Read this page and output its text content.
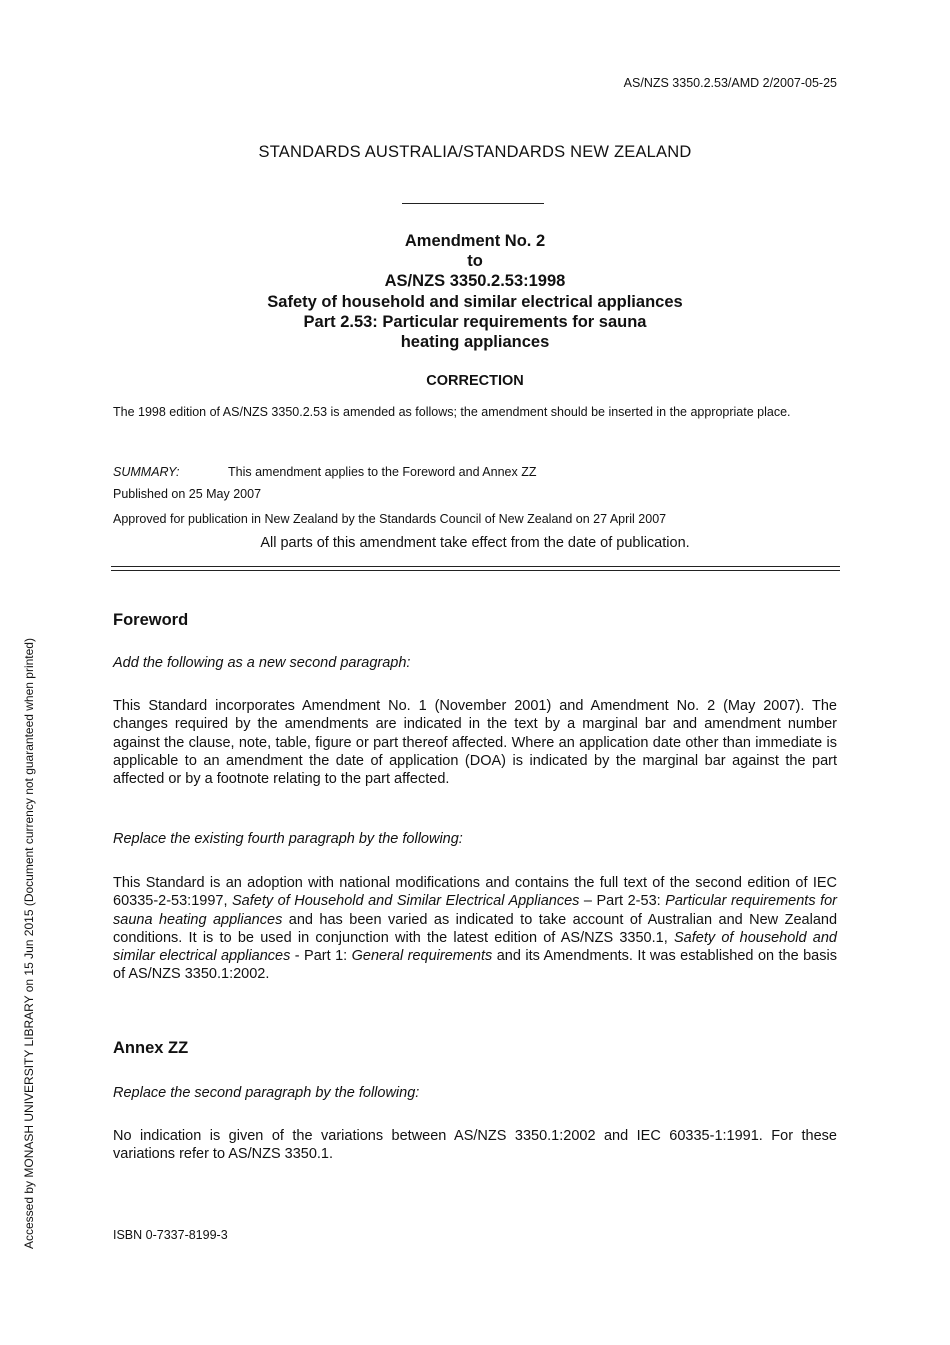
AS/NZS 3350.2.53/AMD 2/2007-05-25
STANDARDS AUSTRALIA/STANDARDS NEW ZEALAND
Amendment No. 2
to
AS/NZS 3350.2.53:1998
Safety of household and similar electrical appliances
Part 2.53: Particular requirements for sauna
heating appliances
CORRECTION
The 1998 edition of AS/NZS 3350.2.53 is amended as follows; the amendment should be inserted in the appropriate place.
SUMMARY:	This amendment applies to the Foreword and Annex ZZ
Published on 25 May 2007
Approved for publication in New Zealand by the Standards Council of New Zealand on 27 April 2007
All parts of this amendment take effect from the date of publication.
Accessed by MONASH UNIVERSITY LIBRARY on 15 Jun 2015 (Document currency not guaranteed when printed)
Foreword
Add the following as a new second paragraph:
This Standard incorporates Amendment No. 1 (November 2001) and Amendment No. 2 (May 2007). The changes required by the amendments are indicated in the text by a marginal bar and amendment number against the clause, note, table, figure or part thereof affected. Where an application date other than immediate is applicable to an amendment the date of application (DOA) is indicated by the marginal bar against the part affected or by a footnote relating to the part affected.
Replace the existing fourth paragraph by the following:
This Standard is an adoption with national modifications and contains the full text of the second edition of IEC 60335-2-53:1997, Safety of Household and Similar Electrical Appliances – Part 2-53: Particular requirements for sauna heating appliances and has been varied as indicated to take account of Australian and New Zealand conditions. It is to be used in conjunction with the latest edition of AS/NZS 3350.1, Safety of household and similar electrical appliances - Part 1: General requirements and its Amendments. It was established on the basis of AS/NZS 3350.1:2002.
Annex ZZ
Replace the second paragraph by the following:
No indication is given of the variations between AS/NZS 3350.1:2002 and IEC 60335-1:1991. For these variations refer to AS/NZS 3350.1.
ISBN 0-7337-8199-3
